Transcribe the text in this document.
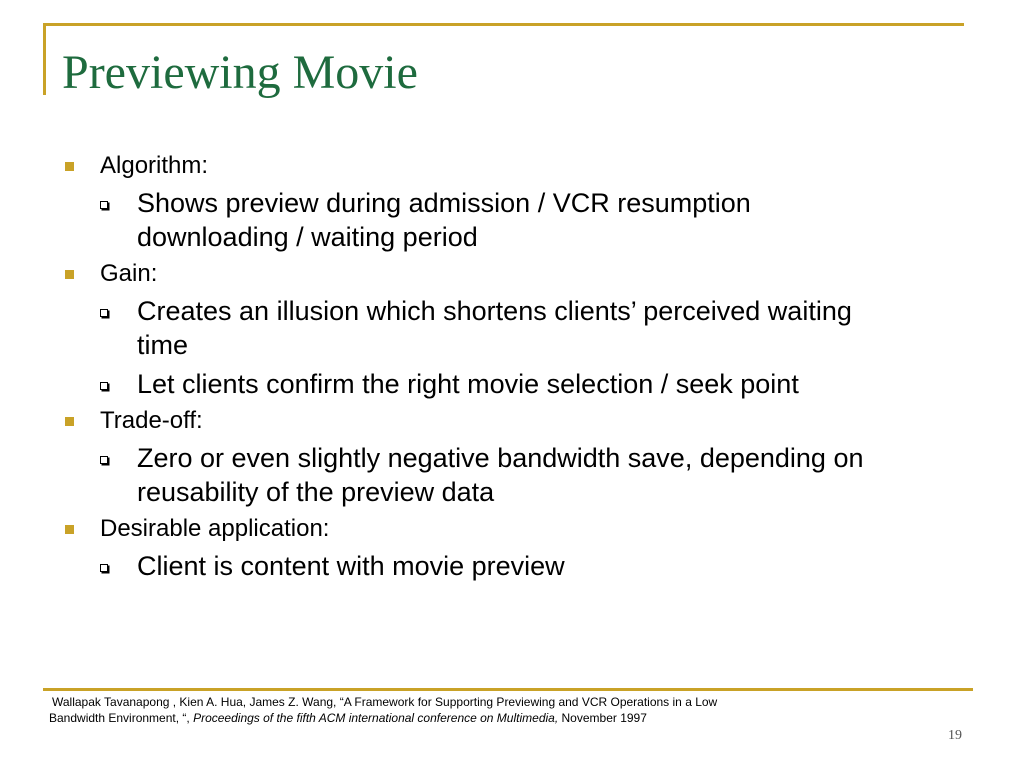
Previewing Movie
Algorithm:
Shows preview during admission / VCR resumption downloading / waiting period
Gain:
Creates an illusion which shortens clients’ perceived waiting time
Let clients confirm the right movie selection / seek point
Trade-off:
Zero or even slightly negative bandwidth save, depending on reusability of the preview data
Desirable application:
Client is content with movie preview
Wallapak Tavanapong , Kien A. Hua, James Z. Wang, “A Framework for Supporting Previewing and VCR Operations in a Low
Bandwidth Environment, “, Proceedings of the fifth ACM international conference on Multimedia, November 1997
19
